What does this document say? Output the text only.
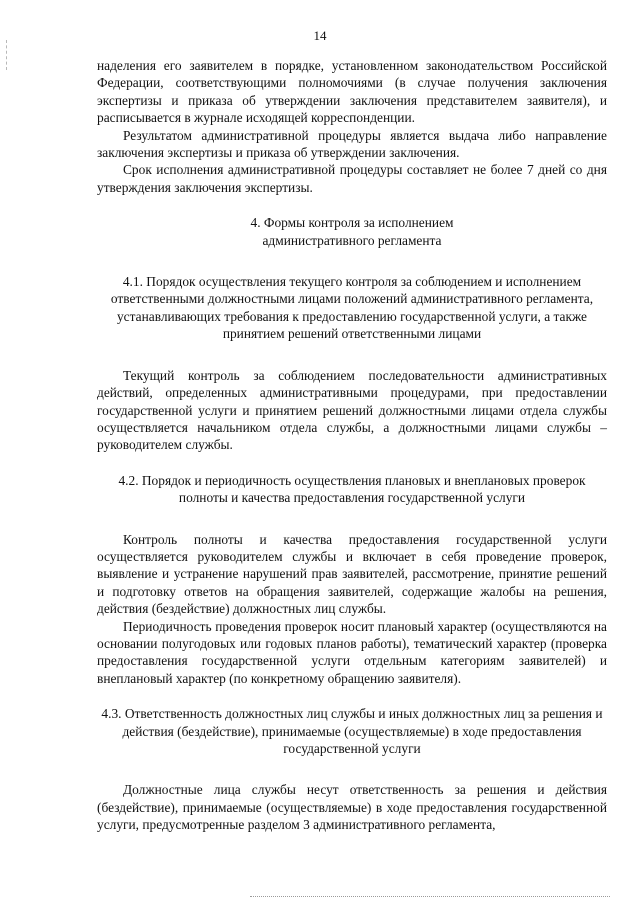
14

наделения его заявителем в порядке, установленном законодательством Российской Федерации, соответствующими полномочиями (в случае получения заключения экспертизы и приказа об утверждении заключения представителем заявителя), и расписывается в журнале исходящей корреспонденции.

Результатом административной процедуры является выдача либо направление заключения экспертизы и приказа об утверждении заключения.

Срок исполнения административной процедуры составляет не более 7 дней со дня утверждения заключения экспертизы.

4. Формы контроля за исполнением
административного регламента
4.1. Порядок осуществления текущего контроля за соблюдением и исполнением ответственными должностными лицами положений административного регламента, устанавливающих требования к предоставлению государственной услуги, а также принятием решений ответственными лицами

Текущий контроль за соблюдением последовательности административных действий, определенных административными процедурами, при предоставлении государственной услуги и принятием решений должностными лицами отдела службы осуществляется начальником отдела службы, а должностными лицами службы – руководителем службы.

4.2. Порядок и периодичность осуществления плановых и внеплановых проверок полноты и качества предоставления государственной услуги

Контроль полноты и качества предоставления государственной услуги осуществляется руководителем службы и включает в себя проведение проверок, выявление и устранение нарушений прав заявителей, рассмотрение, принятие решений и подготовку ответов на обращения заявителей, содержащие жалобы на решения, действия (бездействие) должностных лиц службы.

Периодичность проведения проверок носит плановый характер (осуществляются на основании полугодовых или годовых планов работы), тематический характер (проверка предоставления государственной услуги отдельным категориям заявителей) и внеплановый характер (по конкретному обращению заявителя).

4.3. Ответственность должностных лиц службы и иных должностных лиц за решения и действия (бездействие), принимаемые (осуществляемые) в ходе предоставления государственной услуги

Должностные лица службы несут ответственность за решения и действия (бездействие), принимаемые (осуществляемые) в ходе предоставления государственной услуги, предусмотренные разделом 3 административного регламента,
